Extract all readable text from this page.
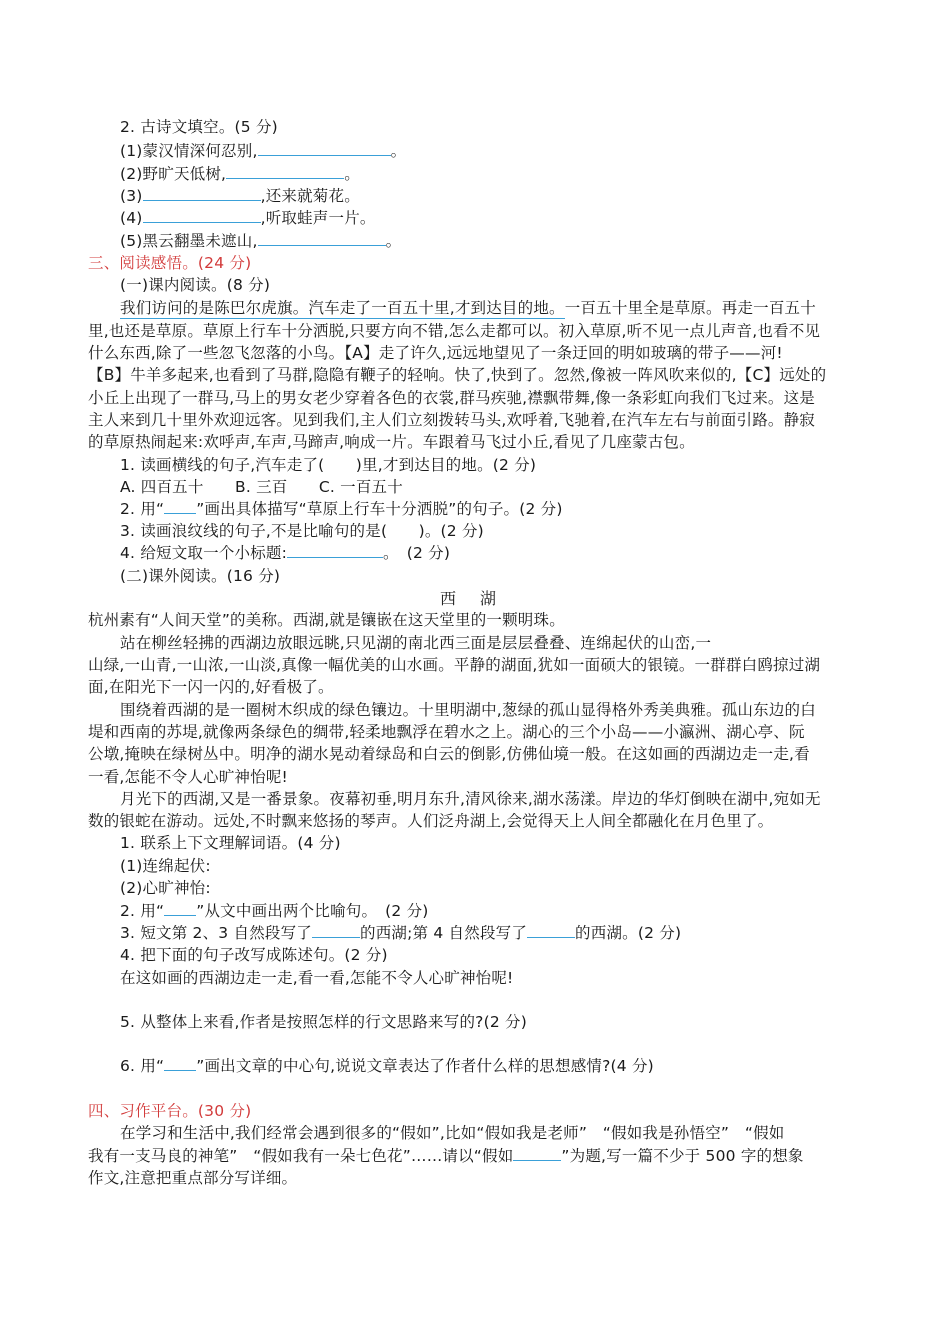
2. 古诗文填空。(5 分)
(1)蒙汉情深何忍别,	。
(2)野旷天低树,	。
(3)	,还来就菊花。
(4)	,听取蛙声一片。
(5)黑云翻墨未遮山,	。
三、阅读感悟。(24 分)
(一)课内阅读。(8 分)
我们访问的是陈巴尔虎旗。汽车走了一百五十里,才到达目的地。一百五十里全是草原。再走一百五十
里,也还是草原。草原上行车十分洒脱,只要方向不错,怎么走都可以。初入草原,听不见一点儿声音,也看不见
什么东西,除了一些忽飞忽落的小鸟。【A】走了许久,远远地望见了一条迂回的明如玻璃的带子——河!
【B】牛羊多起来,也看到了马群,隐隐有鞭子的轻响。快了,快到了。忽然,像被一阵风吹来似的,【C】远处的
小丘上出现了一群马,马上的男女老少穿着各色的衣裳,群马疾驰,襟飘带舞,像一条彩虹向我们飞过来。这是
主人来到几十里外欢迎远客。见到我们,主人们立刻拨转马头,欢呼着,飞驰着,在汽车左右与前面引路。静寂
的草原热闹起来:欢呼声,车声,马蹄声,响成一片。车跟着马飞过小丘,看见了几座蒙古包。
1. 读画横线的句子,汽车走了(　　)里,才到达目的地。(2 分)
A. 四百五十　　B. 三百　　C. 一百五十
2. 用“ ”画出具体描写“草原上行车十分洒脱”的句子。(2 分)
3. 读画浪纹线的句子,不是比喻句的是(　　)。(2 分)
4. 给短文取一个小标题:	。　(2 分)
(二)课外阅读。(16 分)
西湖
杭州素有“人间天堂”的美称。西湖,就是镶嵌在这天堂里的一颗明珠。
站在柳丝轻拂的西湖边放眼远眺,只见湖的南北西三面是层层叠叠、连绵起伏的山峦,一
山绿,一山青,一山浓,一山淡,真像一幅优美的山水画。平静的湖面,犹如一面硕大的银镜。一群群白鸥掠过湖
面,在阳光下一闪一闪的,好看极了。
围绕着西湖的是一圈树木织成的绿色镶边。十里明湖中,葱绿的孤山显得格外秀美典雅。孤山东边的白
堤和西南的苏堤,就像两条绿色的绸带,轻柔地飘浮在碧水之上。湖心的三个小岛——小瀛洲、湖心亭、阮
公墩,掩映在绿树丛中。明净的湖水晃动着绿岛和白云的倒影,仿佛仙境一般。在这如画的西湖边走一走,看
一看,怎能不令人心旷神怡呢!
月光下的西湖,又是一番景象。夜幕初垂,明月东升,清风徐来,湖水荡漾。岸边的华灯倒映在湖中,宛如无
数的银蛇在游动。远处,不时飘来悠扬的琴声。人们泛舟湖上,会觉得天上人间全都融化在月色里了。
1. 联系上下文理解词语。(4 分)
(1)连绵起伏:
(2)心旷神怡:
2. 用“ ”从文中画出两个比喻句。　(2 分)
3. 短文第 2、3 自然段写了	的西湖;第 4 自然段写了	的西湖。(2 分)
4. 把下面的句子改写成陈述句。(2 分)
在这如画的西湖边走一走,看一看,怎能不令人心旷神怡呢!
5. 从整体上来看,作者是按照怎样的行文思路来写的?(2 分)
6. 用“ ”画出文章的中心句,说说文章表达了作者什么样的思想感情?(4 分)
四、习作平台。(30 分)
在学习和生活中,我们经常会遇到很多的“假如”,比如“假如我是老师”　“假如我是孙悟空”　“假如
我有一支马良的神笔”　“假如我有一朵七色花”……请以“假如	”为题,写一篇不少于 500 字的想象
作文,注意把重点部分写详细。
